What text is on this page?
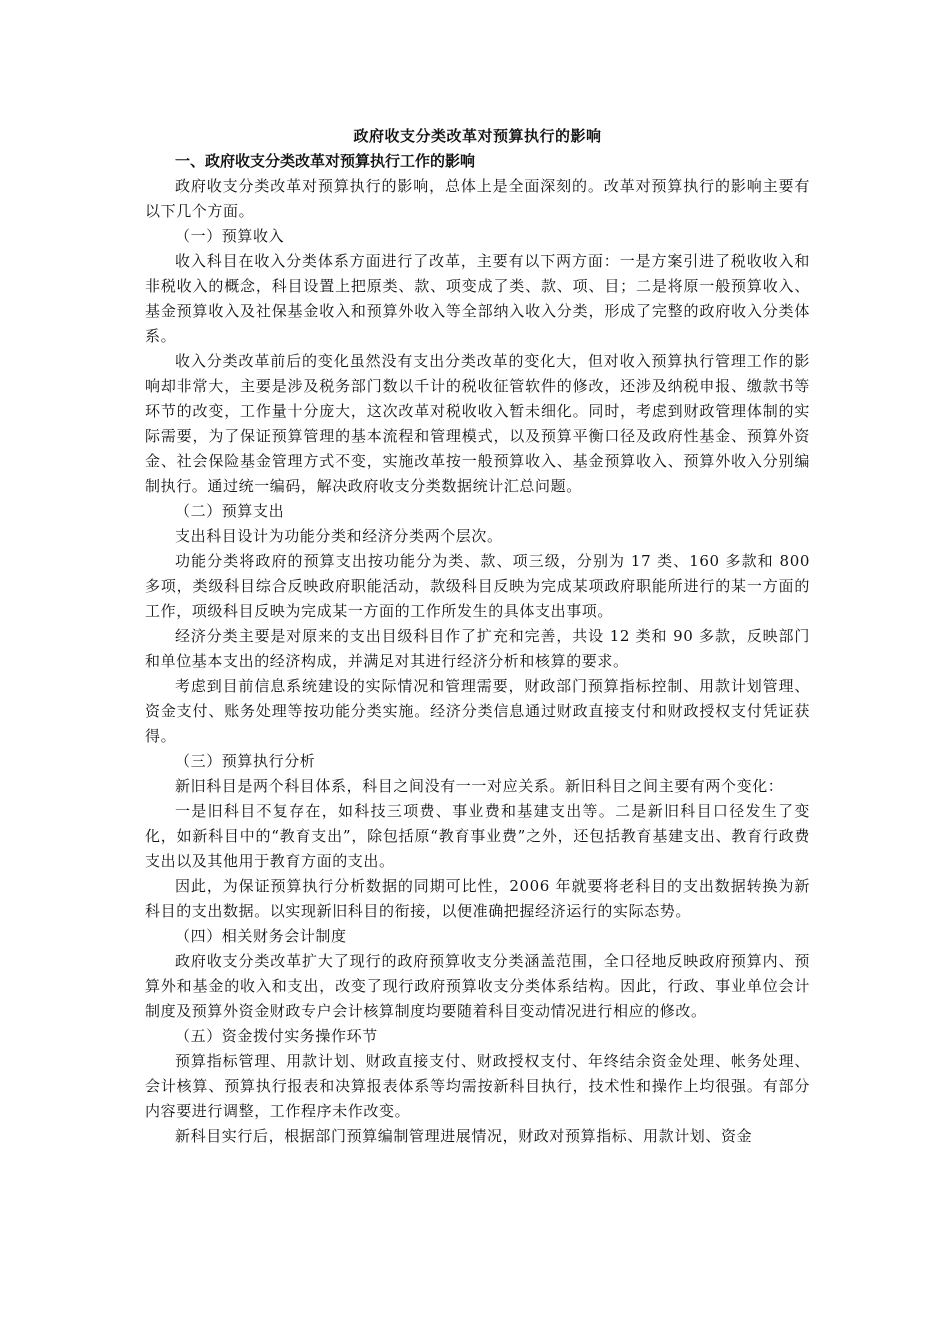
政府收支分类改革对预算执行的影响

一、政府收支分类改革对预算执行工作的影响

政府收支分类改革对预算执行的影响，总体上是全面深刻的。改革对预算执行的影响主要有以下几个方面。

（一）预算收入

收入科目在收入分类体系方面进行了改革，主要有以下两方面：一是方案引进了税收收入和非税收入的概念，科目设置上把原类、款、项变成了类、款、项、目；二是将原一般预算收入、基金预算收入及社保基金收入和预算外收入等全部纳入收入分类，形成了完整的政府收入分类体系。

收入分类改革前后的变化虽然没有支出分类改革的变化大，但对收入预算执行管理工作的影响却非常大，主要是涉及税务部门数以千计的税收征管软件的修改，还涉及纳税申报、缴款书等环节的改变，工作量十分庞大，这次改革对税收收入暂未细化。同时，考虑到财政管理体制的实际需要，为了保证预算管理的基本流程和管理模式，以及预算平衡口径及政府性基金、预算外资金、社会保险基金管理方式不变，实施改革按一般预算收入、基金预算收入、预算外收入分别编制执行。通过统一编码，解决政府收支分类数据统计汇总问题。

（二）预算支出

支出科目设计为功能分类和经济分类两个层次。

功能分类将政府的预算支出按功能分为类、款、项三级，分别为 17 类、160 多款和 800 多项，类级科目综合反映政府职能活动，款级科目反映为完成某项政府职能所进行的某一方面的工作，项级科目反映为完成某一方面的工作所发生的具体支出事项。

经济分类主要是对原来的支出目级科目作了扩充和完善，共设 12 类和 90 多款，反映部门和单位基本支出的经济构成，并满足对其进行经济分析和核算的要求。

考虑到目前信息系统建设的实际情况和管理需要，财政部门预算指标控制、用款计划管理、资金支付、账务处理等按功能分类实施。经济分类信息通过财政直接支付和财政授权支付凭证获得。

（三）预算执行分析

新旧科目是两个科目体系，科目之间没有一一对应关系。新旧科目之间主要有两个变化：

一是旧科目不复存在，如科技三项费、事业费和基建支出等。二是新旧科目口径发生了变化，如新科目中的“教育支出”，除包括原“教育事业费”之外，还包括教育基建支出、教育行政费支出以及其他用于教育方面的支出。

因此，为保证预算执行分析数据的同期可比性，2006 年就要将老科目的支出数据转换为新科目的支出数据。以实现新旧科目的衔接，以便准确把握经济运行的实际态势。

（四）相关财务会计制度

政府收支分类改革扩大了现行的政府预算收支分类涵盖范围，全口径地反映政府预算内、预算外和基金的收入和支出，改变了现行政府预算收支分类体系结构。因此，行政、事业单位会计制度及预算外资金财政专户会计核算制度均要随着科目变动情况进行相应的修改。

（五）资金拨付实务操作环节

预算指标管理、用款计划、财政直接支付、财政授权支付、年终结余资金处理、帐务处理、会计核算、预算执行报表和决算报表体系等均需按新科目执行，技术性和操作上均很强。有部分内容要进行调整，工作程序未作改变。

新科目实行后，根据部门预算编制管理进展情况，财政对预算指标、用款计划、资金
